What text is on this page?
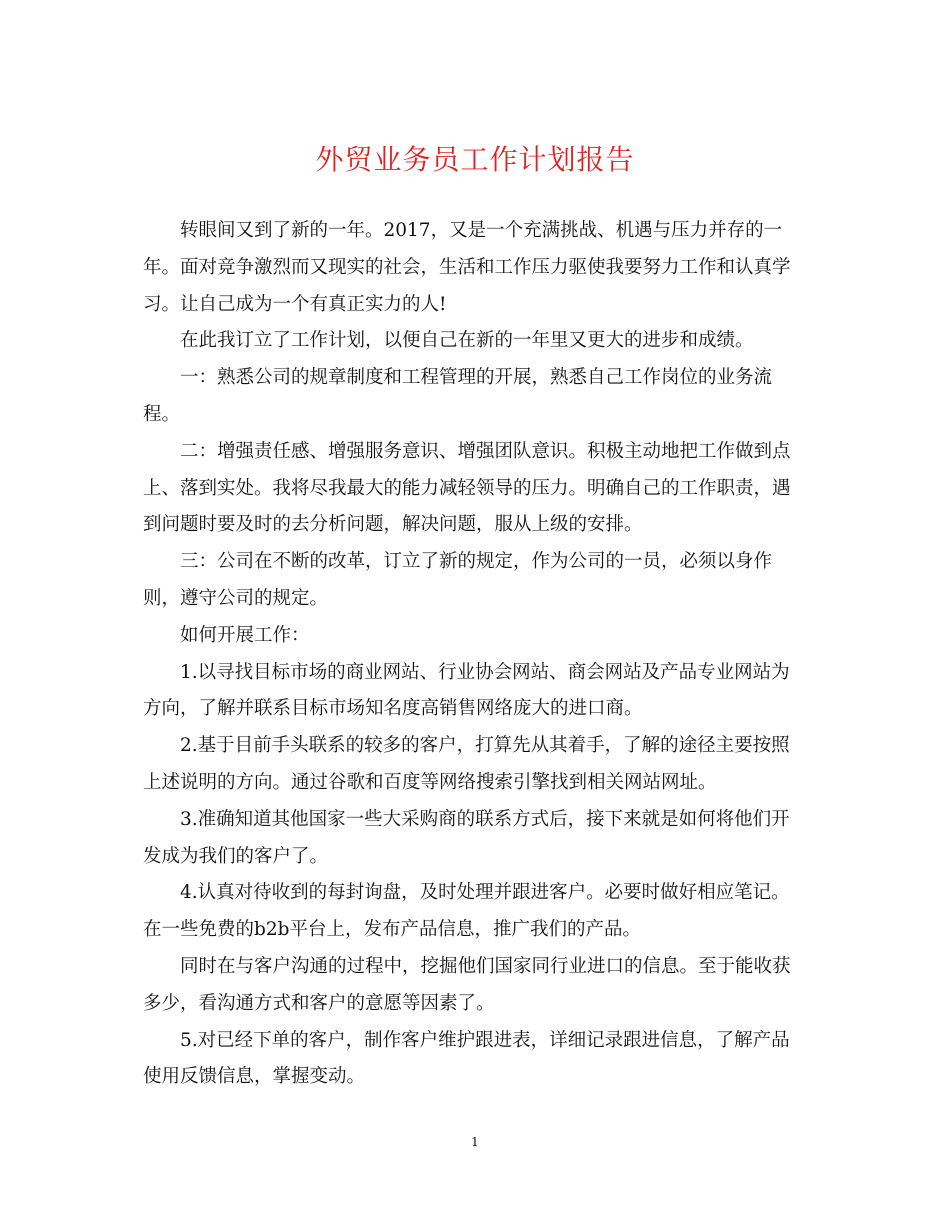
外贸业务员工作计划报告

转眼间又到了新的一年。2017，又是一个充满挑战、机遇与压力并存的一年。面对竞争激烈而又现实的社会，生活和工作压力驱使我要努力工作和认真学习。让自己成为一个有真正实力的人!

在此我订立了工作计划，以便自己在新的一年里又更大的进步和成绩。

一：熟悉公司的规章制度和工程管理的开展，熟悉自己工作岗位的业务流程。

二：增强责任感、增强服务意识、增强团队意识。积极主动地把工作做到点上、落到实处。我将尽我最大的能力减轻领导的压力。明确自己的工作职责，遇到问题时要及时的去分析问题，解决问题，服从上级的安排。

三：公司在不断的改革，订立了新的规定，作为公司的一员，必须以身作则，遵守公司的规定。

如何开展工作：

1.以寻找目标市场的商业网站、行业协会网站、商会网站及产品专业网站为方向，了解并联系目标市场知名度高销售网络庞大的进口商。

2.基于目前手头联系的较多的客户，打算先从其着手，了解的途径主要按照上述说明的方向。通过谷歌和百度等网络搜索引擎找到相关网站网址。

3.准确知道其他国家一些大采购商的联系方式后，接下来就是如何将他们开发成为我们的客户了。

4.认真对待收到的每封询盘，及时处理并跟进客户。必要时做好相应笔记。在一些免费的b2b平台上，发布产品信息，推广我们的产品。

同时在与客户沟通的过程中，挖掘他们国家同行业进口的信息。至于能收获多少，看沟通方式和客户的意愿等因素了。

5.对已经下单的客户，制作客户维护跟进表，详细记录跟进信息，了解产品使用反馈信息，掌握变动。

1
